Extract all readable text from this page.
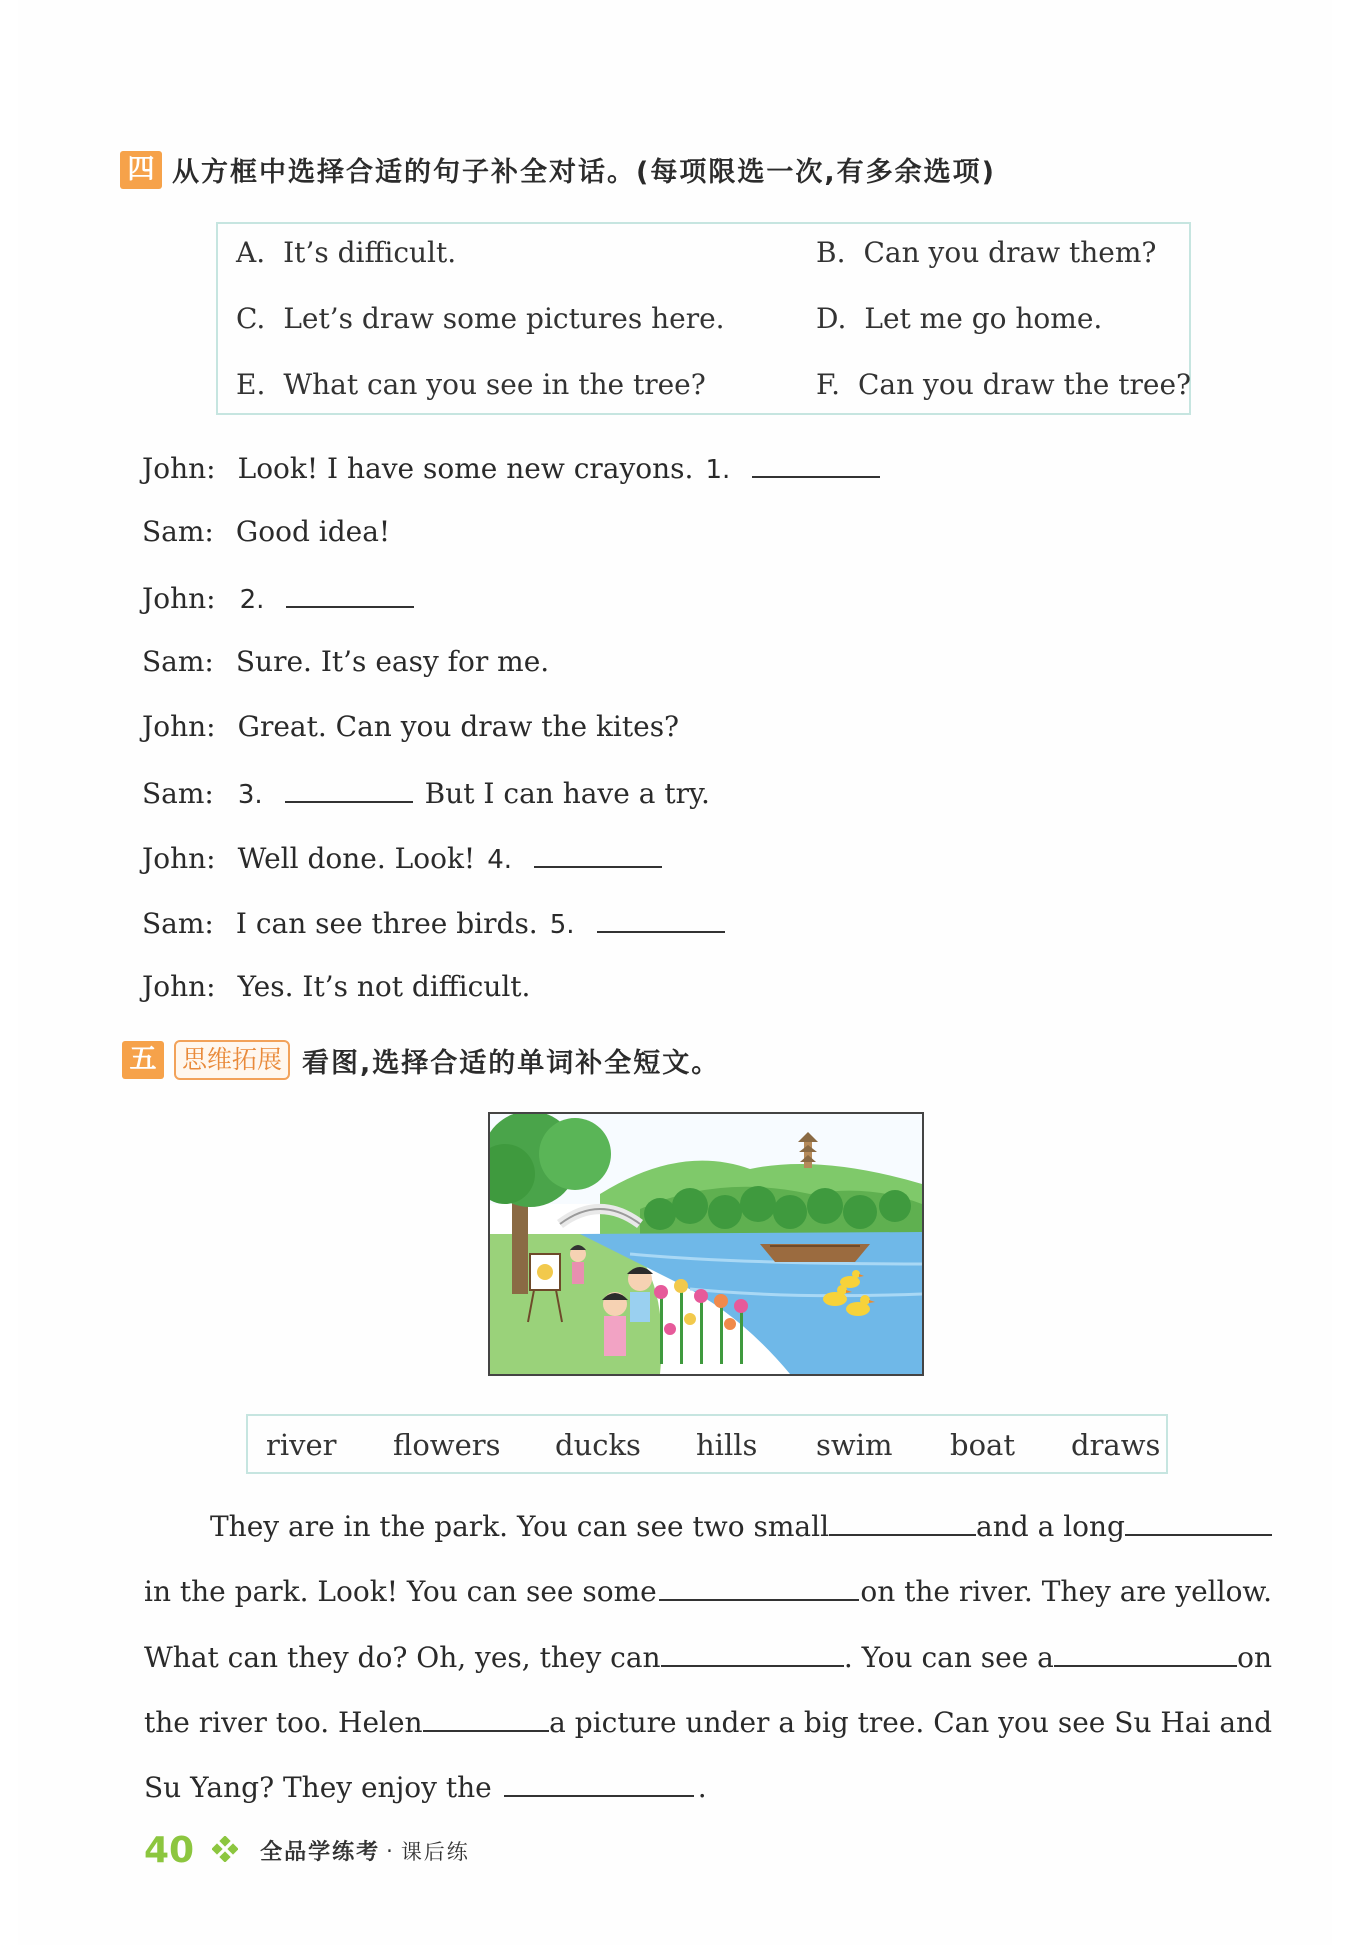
四 从方框中选择合适的句子补全对话。(每项限选一次,有多余选项)
A. It’s difficult.	B. Can you draw them?
C. Let’s draw some pictures here.	D. Let me go home.
E. What can you see in the tree?	F. Can you draw the tree?
John: Look! I have some new crayons. 1.
Sam: Good idea!
John: 2.
Sam: Sure. It’s easy for me.
John: Great. Can you draw the kites?
Sam: 3.	But I can have a try.
John: Well done. Look! 4.
Sam: I can see three birds. 5.
John: Yes. It’s not difficult.
五	思维拓展 看图,选择合适的单词补全短文。
river flowers ducks hills swim boat draws
They are in the park. You can see two small	and a long
in the park. Look! You can see some	on the river. They are yellow.
What can they do? Oh, yes, they can	. You can see a	on
the river too. Helen	a picture under a big tree. Can you see Su Hai and
Su Yang? They enjoy the	.
40	全品学练考 · 课后练
